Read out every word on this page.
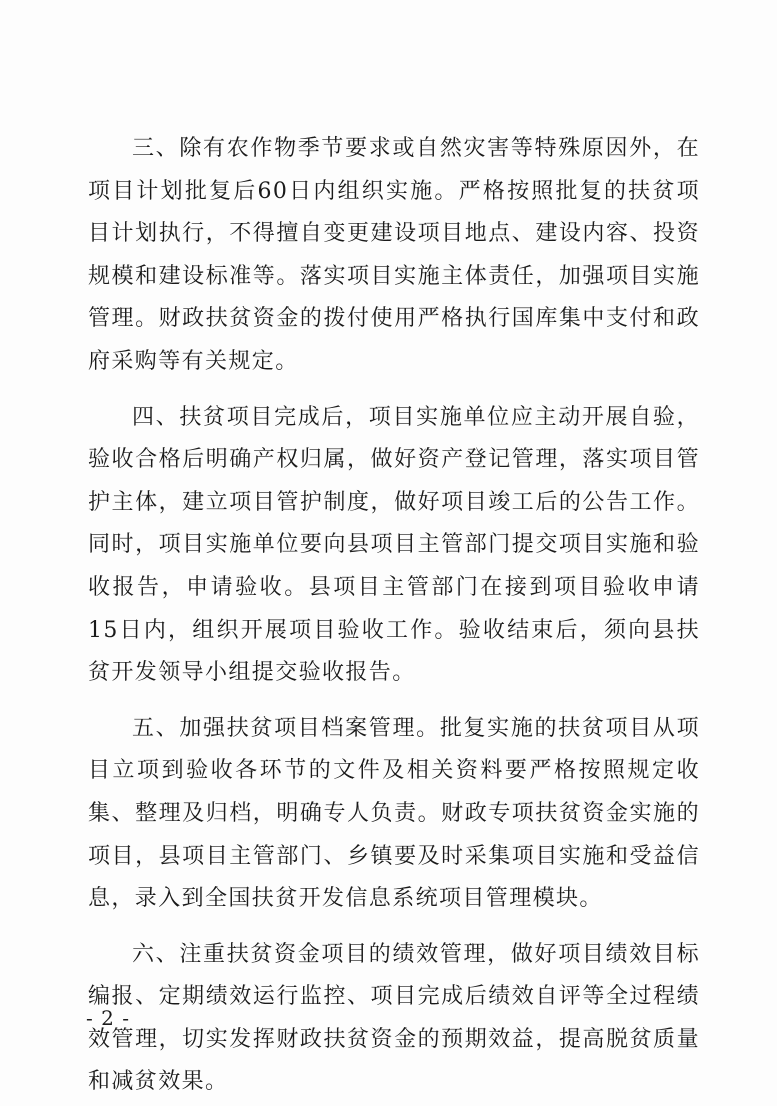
三、除有农作物季节要求或自然灾害等特殊原因外，在项目计划批复后60日内组织实施。严格按照批复的扶贫项目计划执行，不得擅自变更建设项目地点、建设内容、投资规模和建设标准等。落实项目实施主体责任，加强项目实施管理。财政扶贫资金的拨付使用严格执行国库集中支付和政府采购等有关规定。

四、扶贫项目完成后，项目实施单位应主动开展自验，验收合格后明确产权归属，做好资产登记管理，落实项目管护主体，建立项目管护制度，做好项目竣工后的公告工作。同时，项目实施单位要向县项目主管部门提交项目实施和验收报告，申请验收。县项目主管部门在接到项目验收申请15日内，组织开展项目验收工作。验收结束后，须向县扶贫开发领导小组提交验收报告。

五、加强扶贫项目档案管理。批复实施的扶贫项目从项目立项到验收各环节的文件及相关资料要严格按照规定收集、整理及归档，明确专人负责。财政专项扶贫资金实施的项目，县项目主管部门、乡镇要及时采集项目实施和受益信息，录入到全国扶贫开发信息系统项目管理模块。

六、注重扶贫资金项目的绩效管理，做好项目绩效目标编报、定期绩效运行监控、项目完成后绩效自评等全过程绩效管理，切实发挥财政扶贫资金的预期效益，提高脱贫质量和减贫效果。

- 2 -
